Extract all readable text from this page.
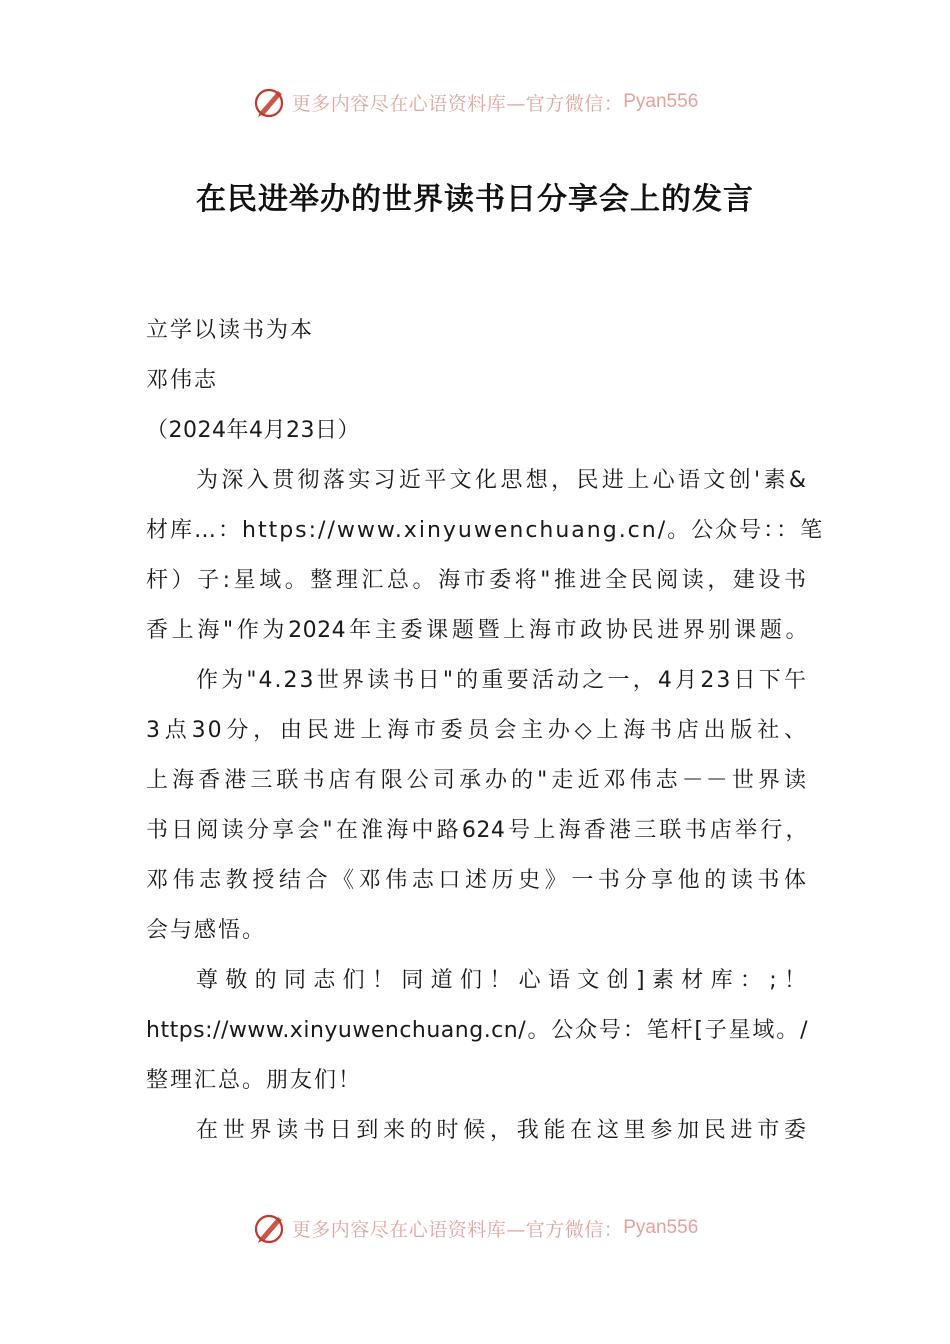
更多内容尽在心语资料库—官方微信： Pyan556
在民进举办的世界读书日分享会上的发言

立学以读书为本

邓伟志

（2024年4月23日）

为深入贯彻落实习近平文化思想，民进上心语文创'素&

材库…：https://www.xinyuwenchuang.cn/。公众号：：笔

杆）子:星域。整理汇总。海市委将"推进全民阅读，建设书

香上海"作为2024年主委课题暨上海市政协民进界别课题。

作为"4.23世界读书日"的重要活动之一，4月23日下午

3点30分，由民进上海市委员会主办◇上海书店出版社、

上海香港三联书店有限公司承办的"走近邓伟志－－世界读

书日阅读分享会"在淮海中路624号上海香港三联书店举行，

邓伟志教授结合《邓伟志口述历史》一书分享他的读书体

会与感悟。

尊敬的同志们！同道们！心语文创]素材库：;！

https://www.xinyuwenchuang.cn/。公众号：笔杆[子星域。/

整理汇总。朋友们！

在世界读书日到来的时候，我能在这里参加民进市委

更多内容尽在心语资料库—官方微信： Pyan556
